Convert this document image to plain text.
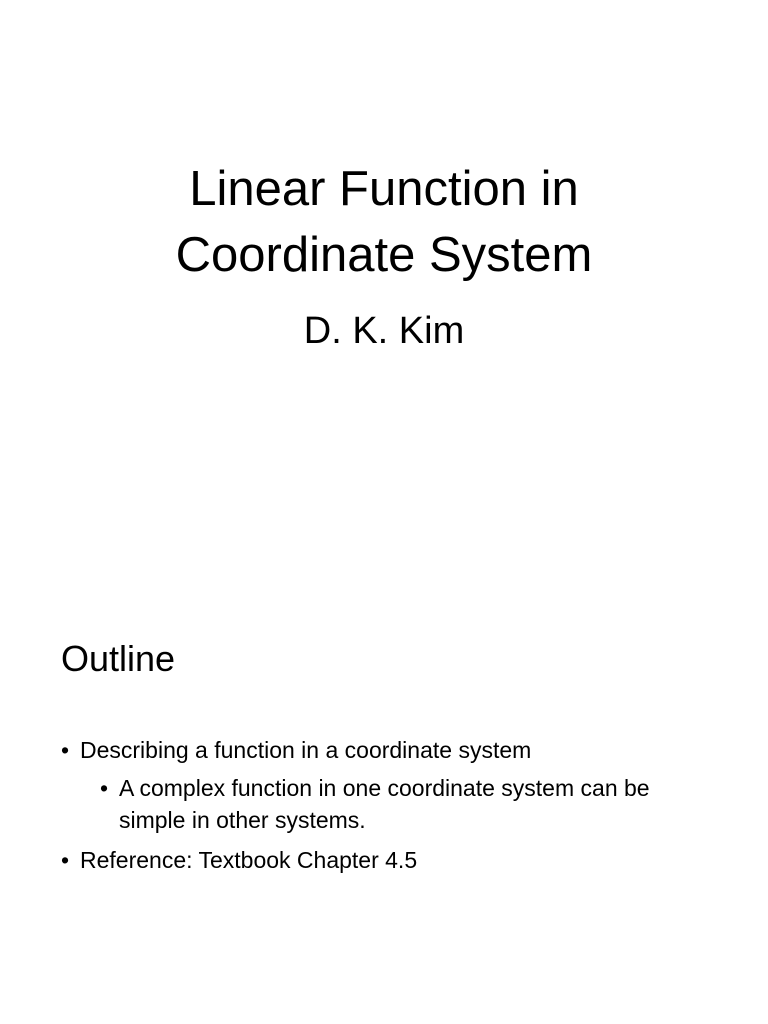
Linear Function in
Coordinate System
D. K. Kim
Outline
• Describing a function in a coordinate system
• A complex function in one coordinate system can be simple in other systems.
• Reference: Textbook Chapter 4.5
